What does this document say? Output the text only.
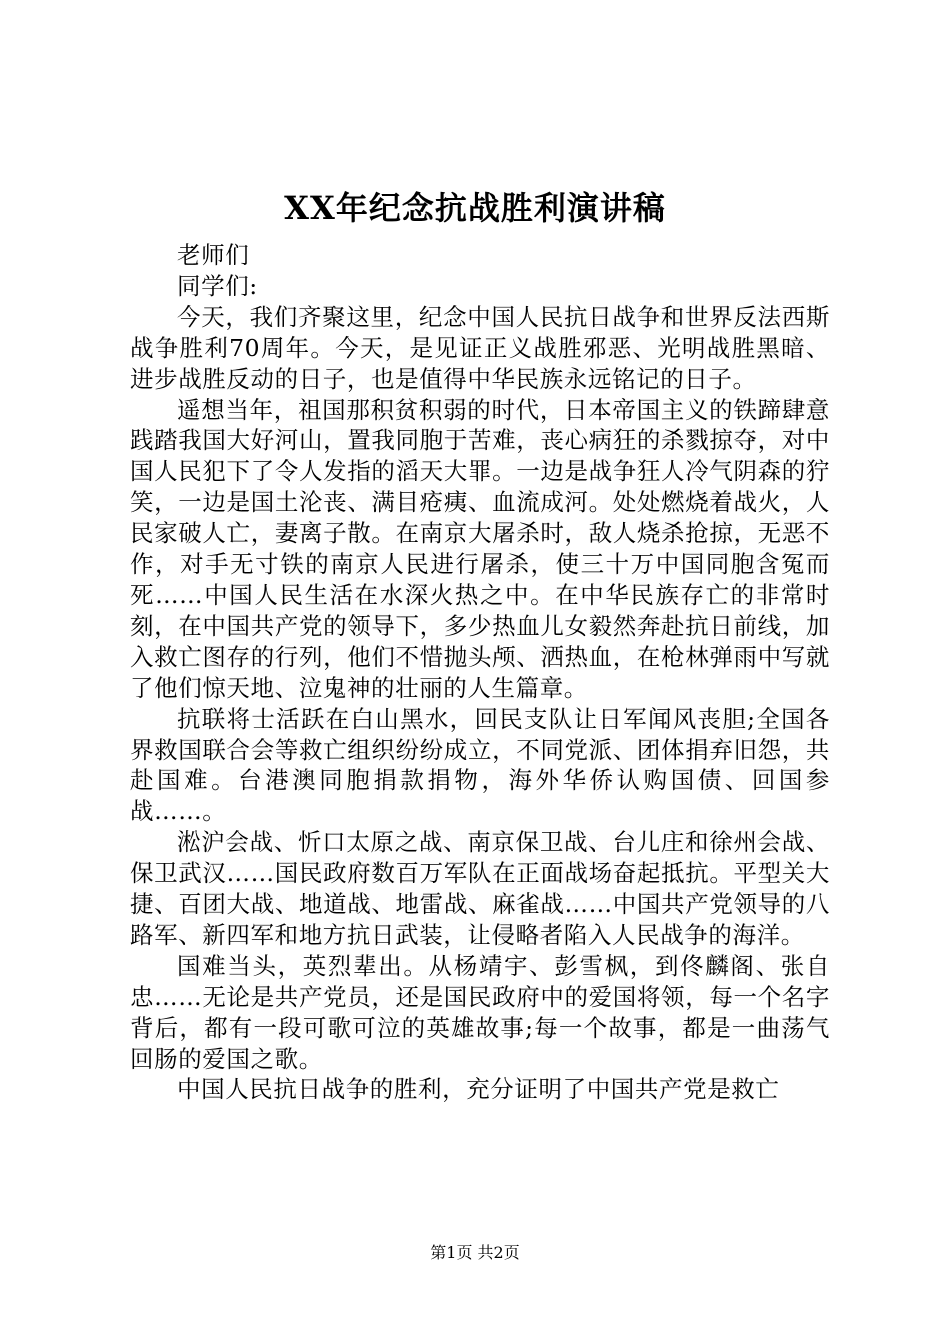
XX年纪念抗战胜利演讲稿

老师们

同学们:

今天，我们齐聚这里，纪念中国人民抗日战争和世界反法西斯战争胜利70周年。今天，是见证正义战胜邪恶、光明战胜黑暗、进步战胜反动的日子，也是值得中华民族永远铭记的日子。

遥想当年，祖国那积贫积弱的时代，日本帝国主义的铁蹄肆意践踏我国大好河山，置我同胞于苦难，丧心病狂的杀戮掠夺，对中国人民犯下了令人发指的滔天大罪。一边是战争狂人冷气阴森的狞笑，一边是国土沦丧、满目疮痍、血流成河。处处燃烧着战火，人民家破人亡，妻离子散。在南京大屠杀时，敌人烧杀抢掠，无恶不作，对手无寸铁的南京人民进行屠杀，使三十万中国同胞含冤而死……中国人民生活在水深火热之中。在中华民族存亡的非常时刻，在中国共产党的领导下，多少热血儿女毅然奔赴抗日前线，加入救亡图存的行列，他们不惜抛头颅、洒热血，在枪林弹雨中写就了他们惊天地、泣鬼神的壮丽的人生篇章。

抗联将士活跃在白山黑水，回民支队让日军闻风丧胆;全国各界救国联合会等救亡组织纷纷成立，不同党派、团体捐弃旧怨，共赴国难。台港澳同胞捐款捐物，海外华侨认购国债、回国参战……。

淞沪会战、忻口太原之战、南京保卫战、台儿庄和徐州会战、保卫武汉……国民政府数百万军队在正面战场奋起抵抗。平型关大捷、百团大战、地道战、地雷战、麻雀战……中国共产党领导的八路军、新四军和地方抗日武装，让侵略者陷入人民战争的海洋。

国难当头，英烈辈出。从杨靖宇、彭雪枫，到佟麟阁、张自忠……无论是共产党员，还是国民政府中的爱国将领，每一个名字背后，都有一段可歌可泣的英雄故事;每一个故事，都是一曲荡气回肠的爱国之歌。

中国人民抗日战争的胜利，充分证明了中国共产党是救亡

第1页 共2页
